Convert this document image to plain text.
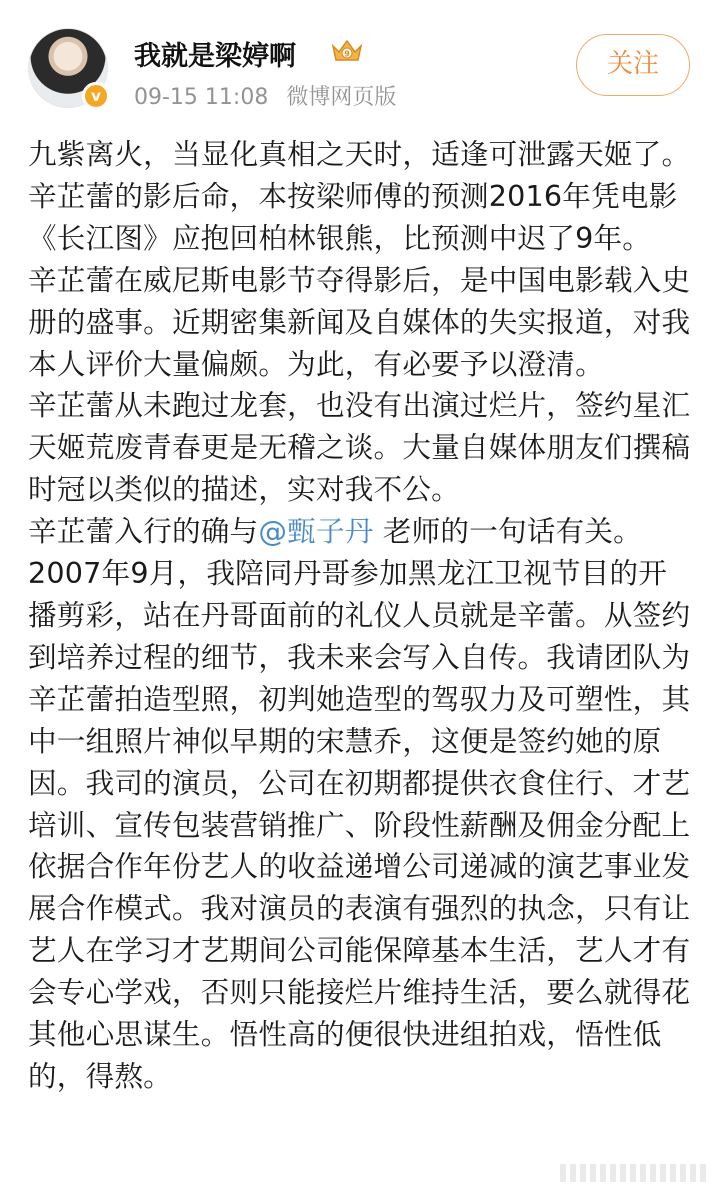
v
我就是梁婷啊	9
09-15 11:08 微博网页版
关注

九紫离火，当显化真相之天时，适逢可泄露天姬了。

辛芷蕾的影后命，本按梁师傅的预测2016年凭电影《长江图》应抱回柏林银熊，比预测中迟了9年。

辛芷蕾在威尼斯电影节夺得影后，是中国电影载入史册的盛事。近期密集新闻及自媒体的失实报道，对我本人评价大量偏颇。为此，有必要予以澄清。

辛芷蕾从未跑过龙套，也没有出演过烂片，签约星汇天姬荒废青春更是无稽之谈。大量自媒体朋友们撰稿时冠以类似的描述，实对我不公。

辛芷蕾入行的确与@甄子丹 老师的一句话有关。

2007年9月，我陪同丹哥参加黑龙江卫视节目的开播剪彩，站在丹哥面前的礼仪人员就是辛蕾。从签约到培养过程的细节，我未来会写入自传。我请团队为辛芷蕾拍造型照，初判她造型的驾驭力及可塑性，其中一组照片神似早期的宋慧乔，这便是签约她的原因。我司的演员，公司在初期都提供衣食住行、才艺培训、宣传包装营销推广、阶段性薪酬及佣金分配上依据合作年份艺人的收益递增公司递减的演艺事业发展合作模式。我对演员的表演有强烈的执念，只有让艺人在学习才艺期间公司能保障基本生活，艺人才有会专心学戏，否则只能接烂片维持生活，要么就得花其他心思谋生。悟性高的便很快进组拍戏，悟性低的，得熬。
